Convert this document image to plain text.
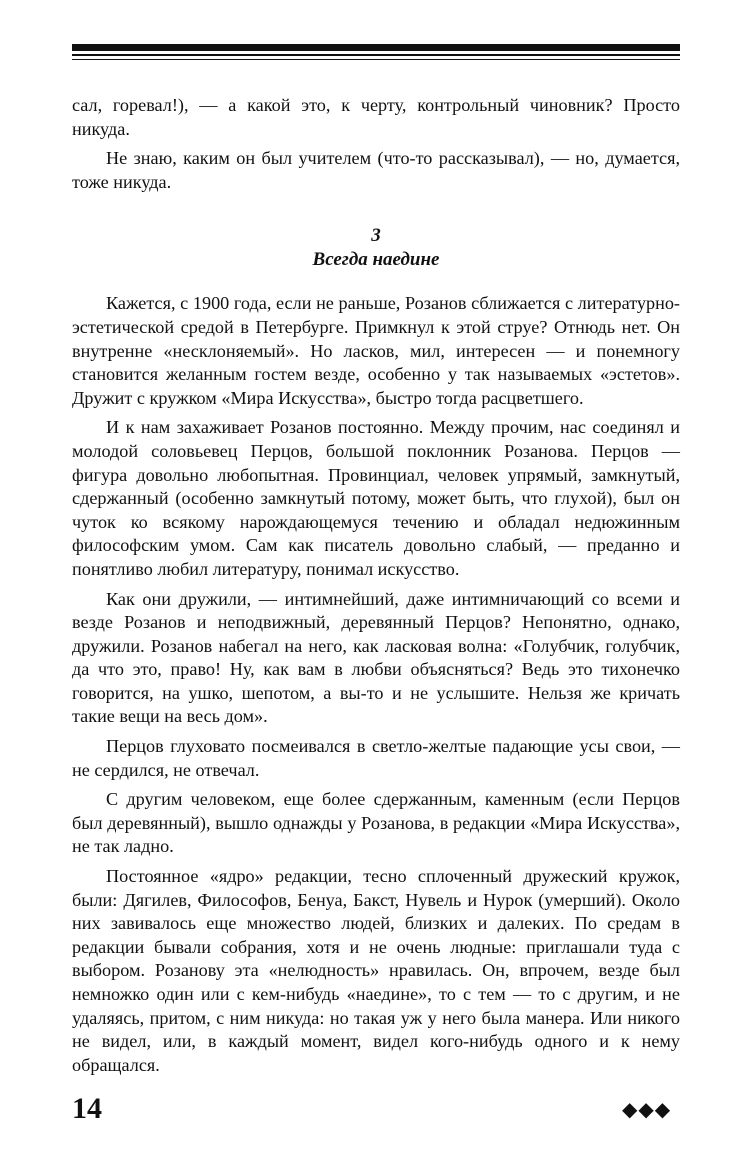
сал, горевал!), — а какой это, к черту, контрольный чиновник? Просто никуда.

Не знаю, каким он был учителем (что-то рассказывал), — но, думается, тоже никуда.

3
Всегда наедине

Кажется, с 1900 года, если не раньше, Розанов сближается с литературно-эстетической средой в Петербурге. Примкнул к этой струе? Отнюдь нет. Он внутренне «несклоняемый». Но ласков, мил, интересен — и понемногу становится желанным гостем везде, особенно у так называемых «эстетов». Дружит с кружком «Мира Искусства», быстро тогда расцветшего.

И к нам захаживает Розанов постоянно. Между прочим, нас соединял и молодой соловьевец Перцов, большой поклонник Розанова. Перцов — фигура довольно любопытная. Провинциал, человек упрямый, замкнутый, сдержанный (особенно замкнутый потому, может быть, что глухой), был он чуток ко всякому нарождающемуся течению и обладал недюжинным философским умом. Сам как писатель довольно слабый, — преданно и понятливо любил литературу, понимал искусство.

Как они дружили, — интимнейший, даже интимничающий со всеми и везде Розанов и неподвижный, деревянный Перцов? Непонятно, однако, дружили. Розанов набегал на него, как ласковая волна: «Голубчик, голубчик, да что это, право! Ну, как вам в любви объясняться? Ведь это тихонечко говорится, на ушко, шепотом, а вы-то и не услышите. Нельзя же кричать такие вещи на весь дом».

Перцов глуховато посмеивался в светло-желтые падающие усы свои, — не сердился, не отвечал.

С другим человеком, еще более сдержанным, каменным (если Перцов был деревянный), вышло однажды у Розанова, в редакции «Мира Искусства», не так ладно.

Постоянное «ядро» редакции, тесно сплоченный дружеский кружок, были: Дягилев, Философов, Бенуа, Бакст, Нувель и Нурок (умерший). Около них завивалось еще множество людей, близких и далеких. По средам в редакции бывали собрания, хотя и не очень людные: приглашали туда с выбором. Розанову эта «нелюдность» нравилась. Он, впрочем, везде был немножко один или с кем-нибудь «наедине», то с тем — то с другим, и не удаляясь, притом, с ним никуда: но такая уж у него была манера. Или никого не видел, или, в каждый момент, видел кого-нибудь одного и к нему обращался.

14	◆◆◆
